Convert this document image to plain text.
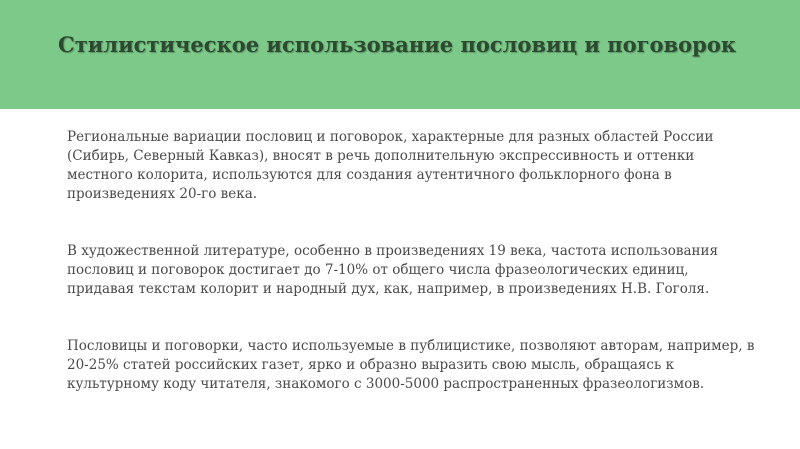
Стилистическое использование пословиц и поговорок

Региональные вариации пословиц и поговорок, характерные для разных областей России (Сибирь, Северный Кавказ), вносят в речь дополнительную экспрессивность и оттенки местного колорита, используются для создания аутентичного фольклорного фона в произведениях 20-го века.

В художественной литературе, особенно в произведениях 19 века, частота использования пословиц и поговорок достигает до 7-10% от общего числа фразеологических единиц, придавая текстам колорит и народный дух, как, например, в произведениях Н.В. Гоголя.

Пословицы и поговорки, часто используемые в публицистике, позволяют авторам, например, в 20-25% статей российских газет, ярко и образно выразить свою мысль, обращаясь к культурному коду читателя, знакомого с 3000-5000 распространенных фразеологизмов.
